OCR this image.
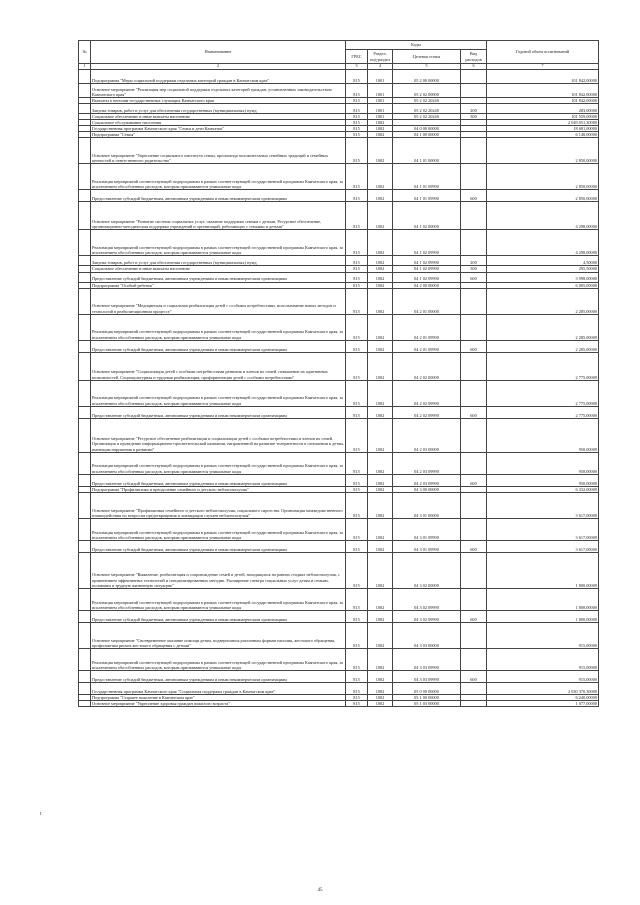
№	Наименование	Коды				Годовой объем ассигнований
		ГРБС	Раздел, под-раздел	Целевая статья	Вид расходов	
1	2	3	4	5	6	7
	Подпрограмма "Меры социальной поддержки отдельных категорий граждан в Камчатском крае"	815	1001	05 2 00 00000		101 842,00000
	Основное мероприятие "Реализация мер социальной поддержки отдельных категорий граждан, установленных законодательством Камчатского края"	815	1001	05 2 02 00000		101 842,00000
	Выплаты к пенсиям государственных служащих Камчатского края	815	1001	05 2 02 20240		101 842,00000
	Закупка товаров, работ и услуг для обеспечения государственных (муниципальных) нужд	815	1001	05 2 02 20240	200	283,00000
	Социальное обеспечение и иные выплаты населению	815	1001	05 2 02 20240	300	101 559,00000
	Социальное обслуживание населения	815	1002			2 049 051,30000
	Государственная программа Камчатского края "Семья и дети Камчатки"	815	1002	04 0 00 00000		18 681,00000
	Подпрограмма "Семья"	815	1002	04 1 00 00000		6 148,00000
	Основное мероприятие "Укрепление социального института семьи, пропаганда положительных семейных традиций и семейных ценностей и ответственного родительства"	815	1002	04 1 01 00000		2 850,00000
	Реализация мероприятий соответствующей подпрограммы в рамках соответствующей государственной программы Камчатского края, за исключением обособленных расходов, которым присваиваются уникальные коды	815	1002	04 1 01 09990		2 850,00000
	Предоставление субсидий бюджетным, автономным учреждениям и иным некоммерческим организациям	815	1002	04 1 01 09990	600	2 850,00000
	Основное мероприятие "Развитие системы социальных услуг, оказание поддержки семьям с детьми. Ресурсное обеспечение, организационно-методическая поддержка учреждений и организаций, работающих с семьями и детьми"	815	1002	04 1 02 00000		4 298,00000
	Реализация мероприятий соответствующей подпрограммы в рамках соответствующей государственной программы Камчатского края, за исключением обособленных расходов, которым присваиваются уникальные коды	815	1002	04 1 02 09990		4 298,00000
	Закупка товаров, работ и услуг для обеспечения государственных (муниципальных) нужд	815	1002	04 1 02 09990	200	4,50000
	Социальное обеспечение и иные выплаты населению	815	1002	04 1 02 09990	300	295,50000
	Предоставление субсидий бюджетным, автономным учреждениям и иным некоммерческим организациям	815	1002	04 1 02 09990	600	3 998,00000
	Подпрограмма "Особый ребенок"	815	1002	04 2 00 00000		6 005,00000
	Основное мероприятие "Медицинская и социальная реабилитация детей с особыми потребностями, использование новых методов и технологий в реабилитационном процессе"	815	1002	04 2 01 00000		2 285,00000
	Реализация мероприятий соответствующей подпрограммы в рамках соответствующей государственной программы Камчатского края, за исключением обособленных расходов, которым присваиваются уникальные коды	815	1002	04 2 01 09990		2 285,00000
	Предоставление субсидий бюджетным, автономным учреждениям и иным некоммерческим организациям	815	1002	04 2 01 09990	600	2 285,00000
	Основное мероприятие "Социализация детей с особыми потребностями развития и членов их семей, повышение их адаптивных возможностей. Социокультурная и трудовая реабилитация, профориентация детей с особыми потребностями"	815	1002	04 2 02 00000		2 775,00000
	Реализация мероприятий соответствующей подпрограммы в рамках соответствующей государственной программы Камчатского края, за исключением обособленных расходов, которым присваиваются уникальные коды	815	1002	04 2 02 09990		2 775,00000
	Предоставление субсидий бюджетным, автономным учреждениям и иным некоммерческим организациям	815	1002	04 2 02 09990	600	2 775,00000
	Основное мероприятие "Ресурсное обеспечение реабилитации и социализации детей с особыми потребностями и членов их семей. Организация и проведение информационно-просветительской кампании, направленной на развитие толерантности в отношении к детям, имеющим нарушения в развитии"	815	1002	04 2 03 00000		950,00000
	Реализация мероприятий соответствующей подпрограммы в рамках соответствующей государственной программы Камчатского края, за исключением обособленных расходов, которым присваиваются уникальные коды	815	1002	04 2 03 09990		950,00000
	Предоставление субсидий бюджетным, автономным учреждениям и иным некоммерческим организациям	815	1002	04 2 03 09990	600	950,00000
	Подпрограмма "Профилактика и преодоление семейного и детского неблагополучия"	815	1002	04 3 00 00000		6 332,00000
	Основное мероприятие "Профилактика семейного и детского неблагополучия, социального сиротства. Организация межведомственного взаимодействия по вопросам предотвращения и ликвидации случаев неблагополучия"	815	1002	04 3 01 00000		3 617,00000
	Реализация мероприятий соответствующей подпрограммы в рамках соответствующей государственной программы Камчатского края, за исключением обособленных расходов, которым присваиваются уникальные коды	815	1002	04 3 01 09990		3 617,00000
	Предоставление субсидий бюджетным, автономным учреждениям и иным некоммерческим организациям	815	1002	04 3 01 09990	600	3 617,00000
	Основное мероприятие "Выявление, реабилитация и сопровождение семей и детей, находящихся на ранних стадиях неблагополучия, с применением эффективных технологий и специализированных методик. Расширение спектра социальных услуг детям и семьям, попавшим в трудную жизненную ситуацию"	815	1002	04 3 02 00000		1 800,00000
	Реализация мероприятий соответствующей подпрограммы в рамках соответствующей государственной программы Камчатского края, за исключением обособленных расходов, которым присваиваются уникальные коды	815	1002	04 3 02 09990		1 800,00000
	Предоставление субсидий бюджетным, автономным учреждениям и иным некоммерческим организациям	815	1002	04 3 02 09990	600	1 800,00000
	Основное мероприятие "Своевременное оказание помощи детям, подвергшимся различным формам насилия, жестокого обращения, профилактика рисков жестокого обращения с детьми"	815	1002	04 3 03 00000		915,00000
	Реализация мероприятий соответствующей подпрограммы в рамках соответствующей государственной программы Камчатского края, за исключением обособленных расходов, которым присваиваются уникальные коды	815	1002	04 3 03 09990		915,00000
	Предоставление субсидий бюджетным, автономным учреждениям и иным некоммерческим организациям	815	1002	04 3 03 09990	600	915,00000
	Государственная программа Камчатского края "Социальная поддержка граждан в Камчатском крае"	815	1002	05 0 00 00000		2 030 370,30000
	Подпрограмма "Старшее поколение в Камчатском крае"	815	1002	05 1 00 00000		6 240,00000
	Основное мероприятие "Укрепление здоровья граждан пожилого возраста"	815	1002	05 1 03 00000		1 077,00000
t
45
